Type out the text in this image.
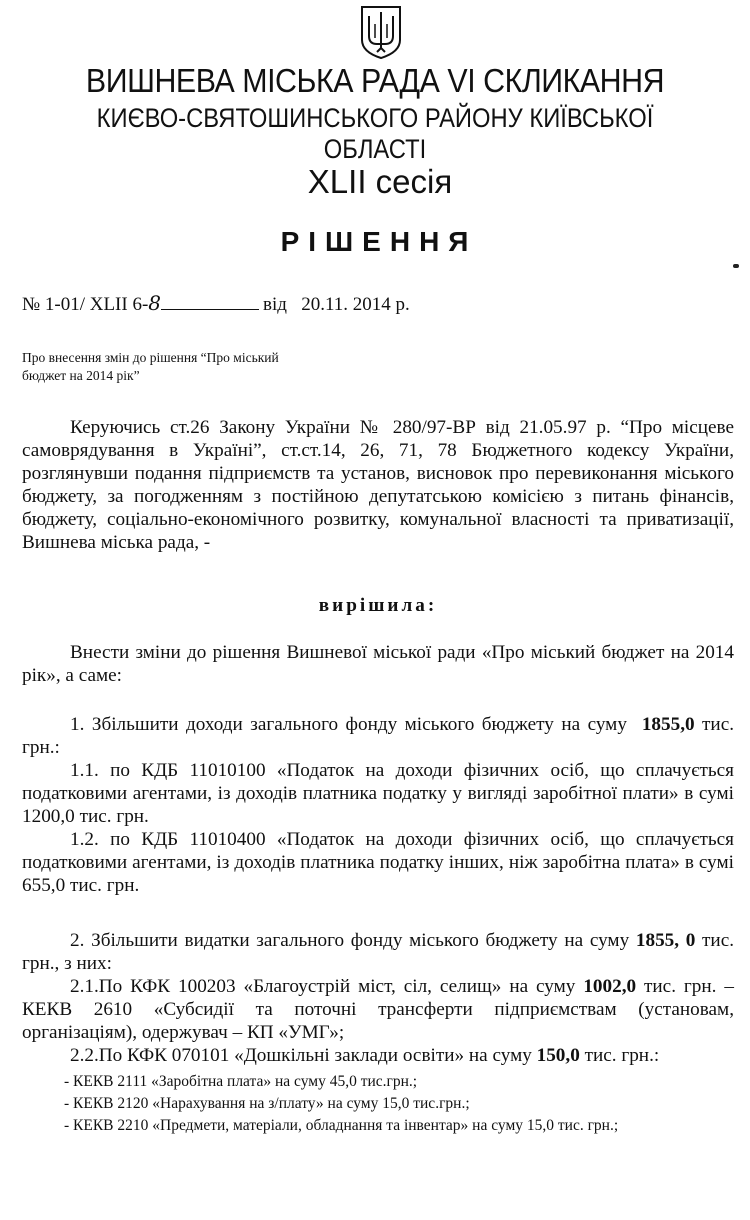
ВИШНЕВА МІСЬКА РАДА VI СКЛИКАННЯ
КИЄВО-СВЯТОШИНСЬКОГО РАЙОНУ КИЇВСЬКОЇ ОБЛАСТІ
XLII сесія
РІШЕННЯ
№ 1-01/ XLII 6-8	від 20.11. 2014 р.
Про внесення змін до рішення “Про міський
бюджет на 2014 рік”

Керуючись ст.26 Закону України № 280/97-ВР від 21.05.97 р. “Про місцеве самоврядування в Україні”, ст.ст.14, 26, 71, 78 Бюджетного кодексу України, розглянувши подання підприємств та установ, висновок про перевиконання міського бюджету, за погодженням з постійною депутатською комісією з питань фінансів, бюджету, соціально-економічного розвитку, комунальної власності та приватизації, Вишнева міська рада, -

вирішила:

Внести зміни до рішення Вишневої міської ради «Про міський бюджет на 2014 рік», а саме:

1. Збільшити доходи загального фонду міського бюджету на суму 1855,0 тис. грн.:

1.1. по КДБ 11010100 «Податок на доходи фізичних осіб, що сплачується податковими агентами, із доходів платника податку у вигляді заробітної плати» в сумі 1200,0 тис. грн.

1.2. по КДБ 11010400 «Податок на доходи фізичних осіб, що сплачується податковими агентами, із доходів платника податку інших, ніж заробітна плата» в сумі 655,0 тис. грн.

2. Збільшити видатки загального фонду міського бюджету на суму 1855, 0 тис. грн., з них:

2.1.По КФК 100203 «Благоустрій міст, сіл, селищ» на суму 1002,0 тис. грн. – КЕКВ 2610 «Субсидії та поточні трансферти підприємствам (установам, організаціям), одержувач – КП «УМГ»;

2.2.По КФК 070101 «Дошкільні заклади освіти» на суму 150,0 тис. грн.:

- КЕКВ 2111 «Заробітна плата» на суму 45,0 тис.грн.;
- КЕКВ 2120 «Нарахування на з/плату» на суму 15,0 тис.грн.;
- КЕКВ 2210 «Предмети, матеріали, обладнання та інвентар» на суму 15,0 тис. грн.;
